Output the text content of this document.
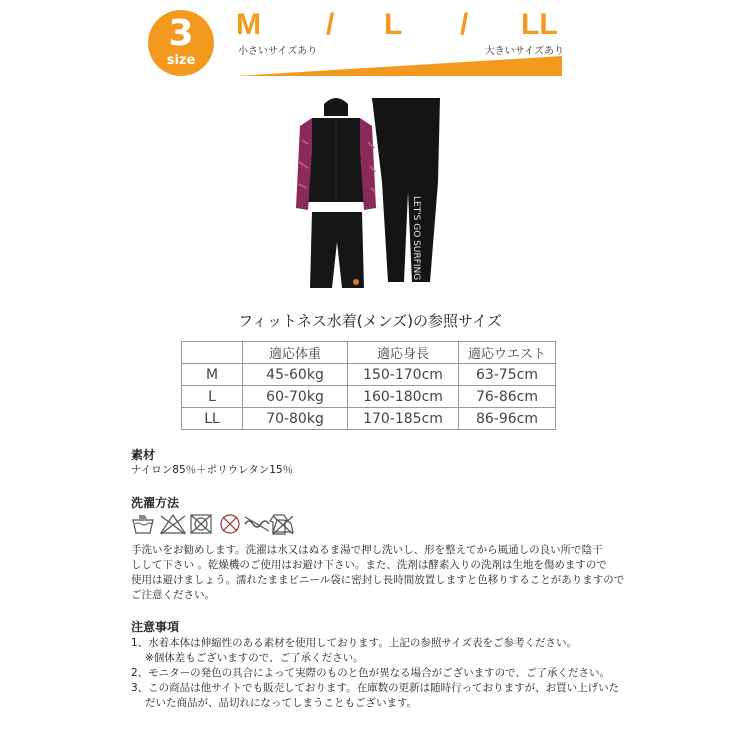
3
size
M / L / LL
小さいサイズあり	大きいサイズあり
LET'S GO SURFING
フィットネス水着(メンズ)の参照サイズ
	適応体重	適応身長	適応ウエスト
M	45-60kg	150-170cm	63-75cm
L	60-70kg	160-180cm	76-86cm
LL	70-80kg	170-185cm	86-96cm
素材
ナイロン85％＋ポリウレタン15％
洗濯方法
手洗いをお勧めします。洗濯は水又はぬるま湯で押し洗いし、形を整えてから風通しの良い所で陰干
しして下さい 。乾燥機のご使用はお避け下さい。また、洗剤は酵素入りの洗剤は生地を傷めますので
使用は避けましょう。濡れたままビニール袋に密封し長時間放置しますと色移りすることがありますので
ご注意ください。
注意事項
1、水着本体は伸縮性のある素材を使用しております。上記の参照サイズ表をご参考ください。
※個体差もございますので、ご了承ください。
2、モニターの発色の具合によって実際のものと色が異なる場合がございますので、ご了承ください。
3、この商品は他サイトでも販売しております。在庫数の更新は随時行っておりますが、お買い上げいた
だいた商品が、品切れになってしまうこともございます。
